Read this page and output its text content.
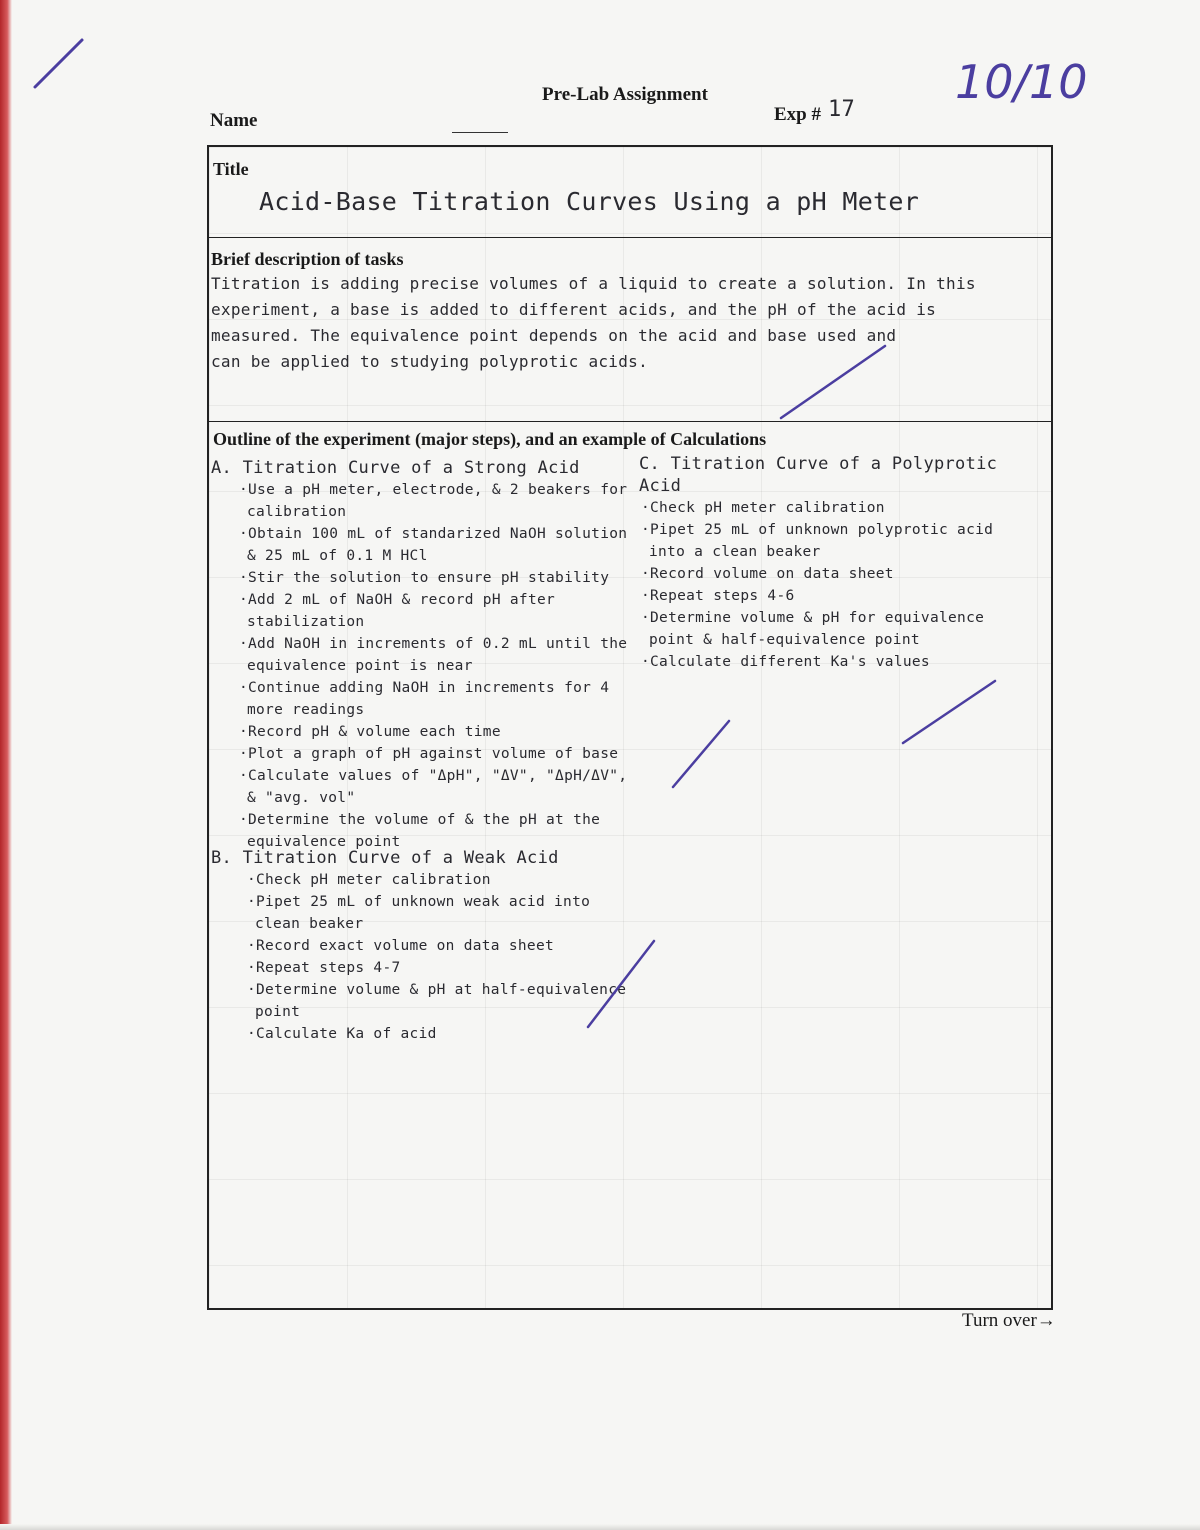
Pre-Lab Assignment
Name	Exp # 17
10/10
Title
Acid-Base Titration Curves Using a pH Meter
Brief description of tasks
Titration is adding precise volumes of a liquid to create a solution. In this
experiment, a base is added to different acids, and the pH of the acid is
measured. The equivalence point depends on the acid and base used and
can be applied to studying polyprotic acids.
Outline of the experiment (major steps), and an example of Calculations
A. Titration Curve of a Strong Acid
·Use a pH meter, electrode, & 2 beakers for calibration
·Obtain 100 mL of standarized NaOH solution & 25 mL of 0.1 M HCl
·Stir the solution to ensure pH stability
·Add 2 mL of NaOH & record pH after stabilization
·Add NaOH in increments of 0.2 mL until the equivalence point is near
·Continue adding NaOH in increments for 4 more readings
·Record pH & volume each time
·Plot a graph of pH against volume of base
·Calculate values of "ΔpH", "ΔV", "ΔpH/ΔV", & "avg. vol"
·Determine the volume of & the pH at the equivalence point
B. Titration Curve of a Weak Acid
·Check pH meter calibration
·Pipet 25 mL of unknown weak acid into clean beaker
·Record exact volume on data sheet
·Repeat steps 4-7
·Determine volume & pH at half-equivalence point
·Calculate Ka of acid
C. Titration Curve of a Polyprotic Acid
·Check pH meter calibration
·Pipet 25 mL of unknown polyprotic acid into a clean beaker
·Record volume on data sheet
·Repeat steps 4-6
·Determine volume & pH for equivalence point & half-equivalence point
·Calculate different Ka's values
Turn over→
